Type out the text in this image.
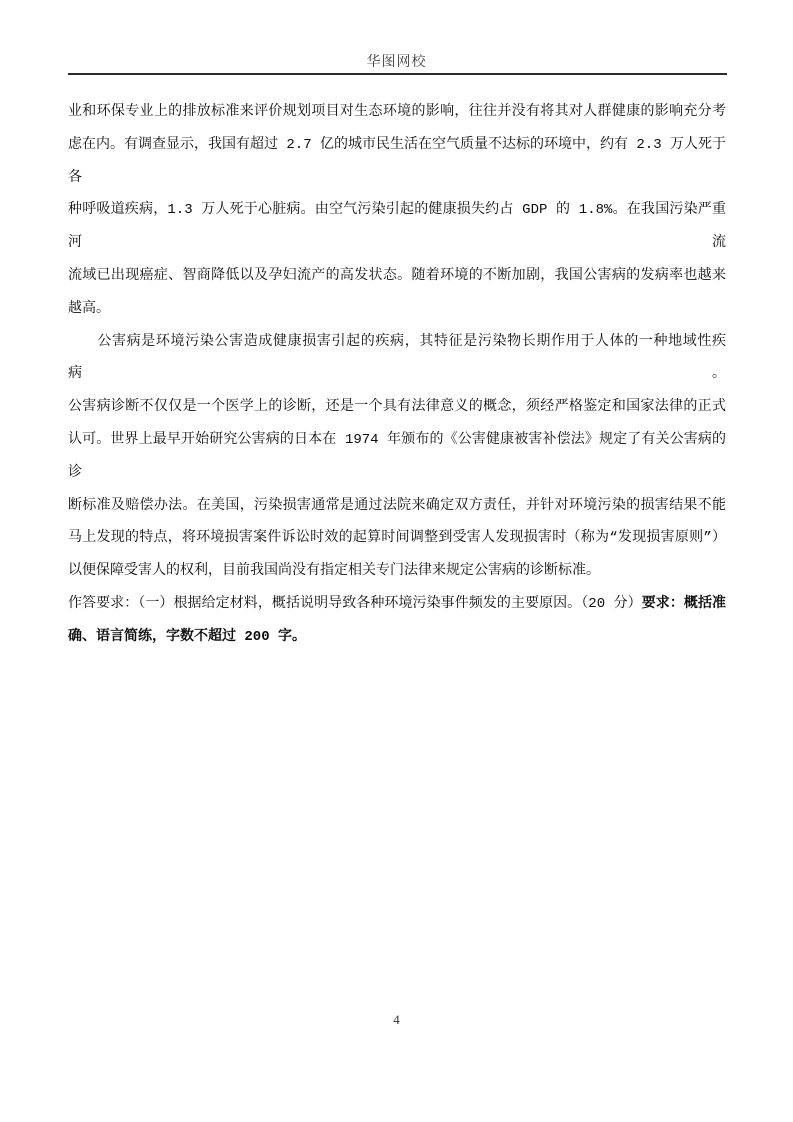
华图网校
业和环保专业上的排放标准来评价规划项目对生态环境的影响，往往并没有将其对人群健康的影响充分考
虑在内。有调查显示，我国有超过 2.7 亿的城市民生活在空气质量不达标的环境中，约有 2.3 万人死于各
种呼吸道疾病，1.3 万人死于心脏病。由空气污染引起的健康损失约占 GDP 的 1.8%。在我国污染严重河流
流域已出现癌症、智商降低以及孕妇流产的高发状态。随着环境的不断加剧，我国公害病的发病率也越来
越高。
公害病是环境污染公害造成健康损害引起的疾病，其特征是污染物长期作用于人体的一种地域性疾病。
公害病诊断不仅仅是一个医学上的诊断，还是一个具有法律意义的概念，须经严格鉴定和国家法律的正式
认可。世界上最早开始研究公害病的日本在 1974 年颁布的《公害健康被害补偿法》规定了有关公害病的诊
断标准及赔偿办法。在美国，污染损害通常是通过法院来确定双方责任，并针对环境污染的损害结果不能
马上发现的特点，将环境损害案件诉讼时效的起算时间调整到受害人发现损害时（称为“发现损害原则”）
以便保障受害人的权利，目前我国尚没有指定相关专门法律来规定公害病的诊断标准。
作答要求：（一）根据给定材料，概括说明导致各种环境污染事件频发的主要原因。（20 分）要求：概括准
确、语言简练，字数不超过 200 字。
4
